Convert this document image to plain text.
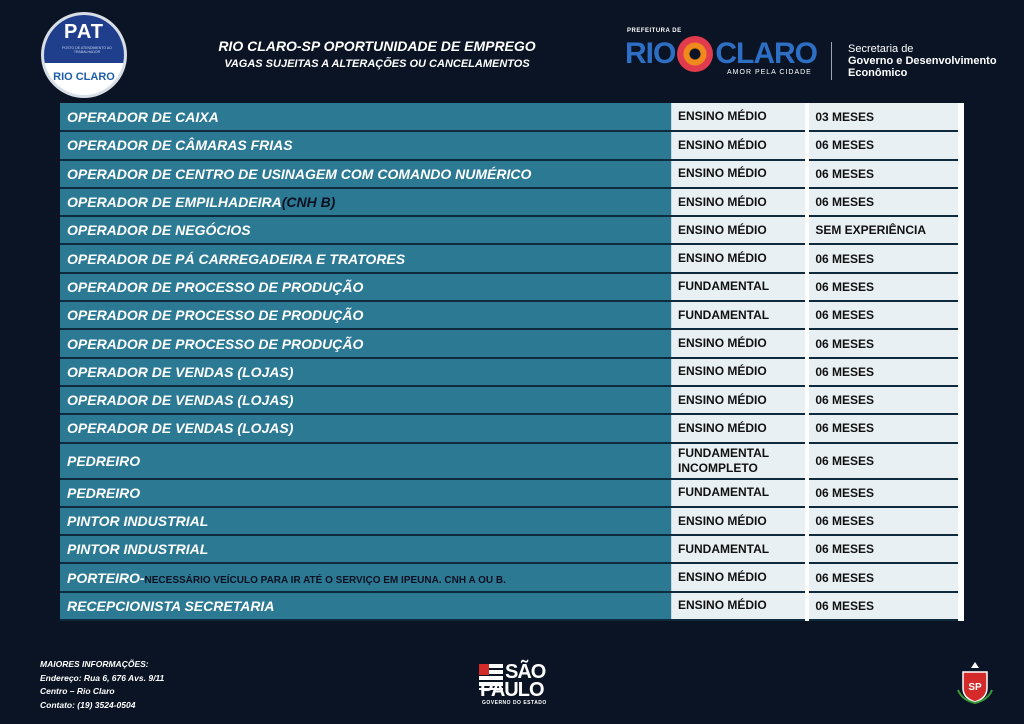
PAT
POSTO DE ATENDIMENTO AO TRABALHADOR
RIO CLARO
RIO CLARO-SP OPORTUNIDADE DE EMPREGO
VAGAS SUJEITAS A ALTERAÇÕES OU CANCELAMENTOS
PREFEITURA DE
RIO CLARO
AMOR PELA CIDADE
Secretaria de
Governo e Desenvolvimento
Econômico
OPERADOR DE CAIXA	ENSINO MÉDIO	03 MESES
OPERADOR DE CÂMARAS FRIAS	ENSINO MÉDIO	06 MESES
OPERADOR DE CENTRO DE USINAGEM COM COMANDO NUMÉRICO	ENSINO MÉDIO	06 MESES
OPERADOR DE EMPILHADEIRA(CNH B)	ENSINO MÉDIO	06 MESES
OPERADOR DE NEGÓCIOS	ENSINO MÉDIO	SEM EXPERIÊNCIA
OPERADOR DE PÁ CARREGADEIRA E TRATORES	ENSINO MÉDIO	06 MESES
OPERADOR DE PROCESSO DE PRODUÇÃO	FUNDAMENTAL	06 MESES
OPERADOR DE PROCESSO DE PRODUÇÃO	FUNDAMENTAL	06 MESES
OPERADOR DE PROCESSO DE PRODUÇÃO	ENSINO MÉDIO	06 MESES
OPERADOR DE VENDAS (LOJAS)	ENSINO MÉDIO	06 MESES
OPERADOR DE VENDAS (LOJAS)	ENSINO MÉDIO	06 MESES
OPERADOR DE VENDAS (LOJAS)	ENSINO MÉDIO	06 MESES
PEDREIRO	FUNDAMENTAL INCOMPLETO	06 MESES
PEDREIRO	FUNDAMENTAL	06 MESES
PINTOR INDUSTRIAL	ENSINO MÉDIO	06 MESES
PINTOR INDUSTRIAL	FUNDAMENTAL	06 MESES
PORTEIRO-NECESSÁRIO VEÍCULO PARA IR ATÉ O SERVIÇO EM IPEUNA. CNH A OU B.	ENSINO MÉDIO	06 MESES
RECEPCIONISTA SECRETARIA	ENSINO MÉDIO	06 MESES
MAIORES INFORMAÇÕES:
Endereço: Rua 6, 676 Avs. 9/11
Centro – Rio Claro
Contato: (19) 3524-0504
SÃO
PAULO
GOVERNO DO ESTADO
SP
